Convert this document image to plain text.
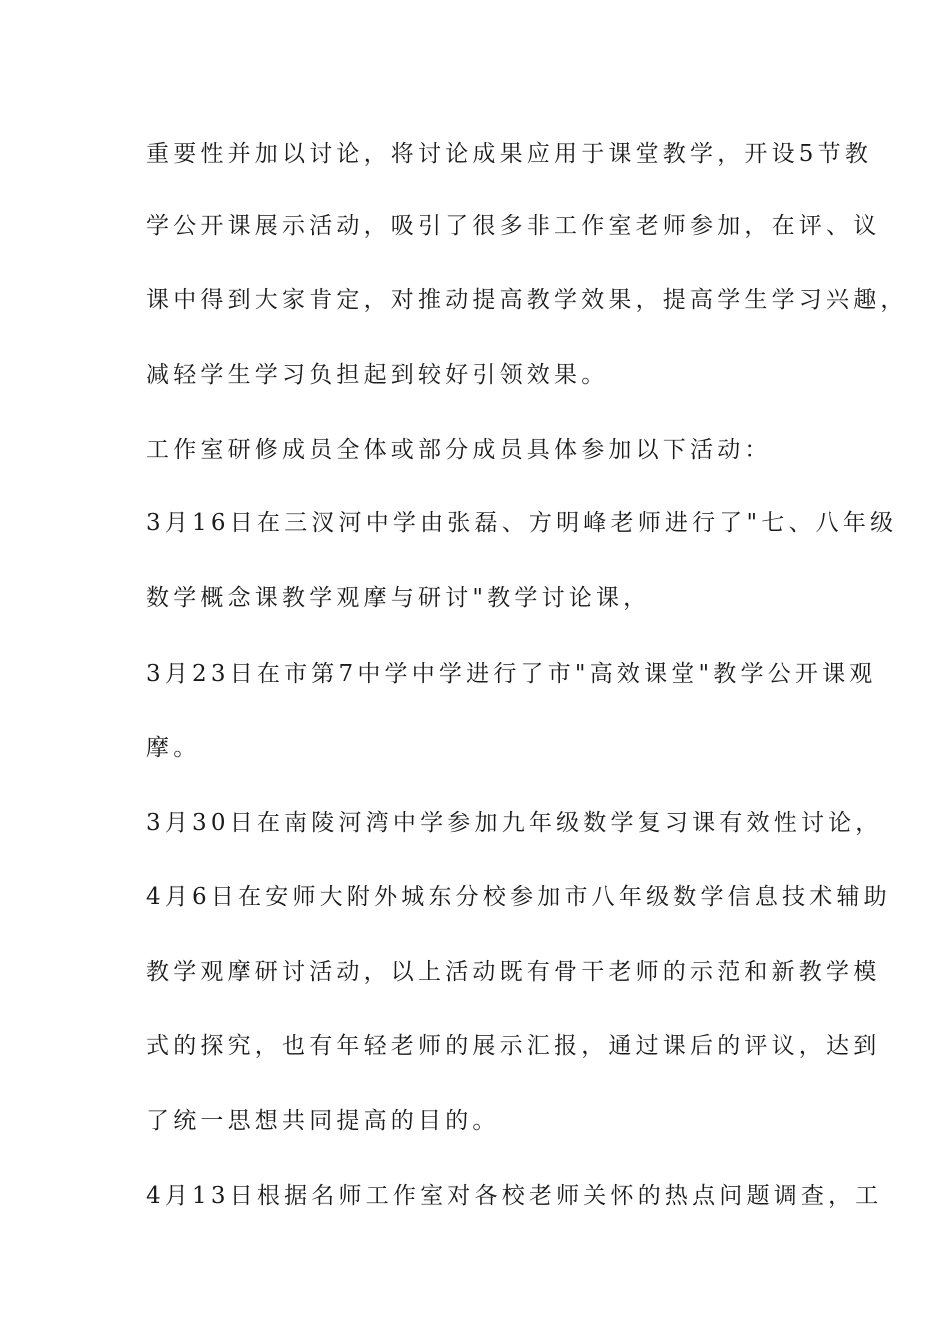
重要性并加以讨论，将讨论成果应用于课堂教学，开设5节教
学公开课展示活动，吸引了很多非工作室老师参加，在评、议
课中得到大家肯定，对推动提高教学效果，提高学生学习兴趣，
减轻学生学习负担起到较好引领效果。
工作室研修成员全体或部分成员具体参加以下活动：
3月16日在三汊河中学由张磊、方明峰老师进行了"七、八年级
数学概念课教学观摩与研讨"教学讨论课，
3月23日在市第7中学中学进行了市"高效课堂"教学公开课观
摩。
3月30日在南陵河湾中学参加九年级数学复习课有效性讨论，
4月6日在安师大附外城东分校参加市八年级数学信息技术辅助
教学观摩研讨活动，以上活动既有骨干老师的示范和新教学模
式的探究，也有年轻老师的展示汇报，通过课后的评议，达到
了统一思想共同提高的目的。
4月13日根据名师工作室对各校老师关怀的热点问题调查，工
